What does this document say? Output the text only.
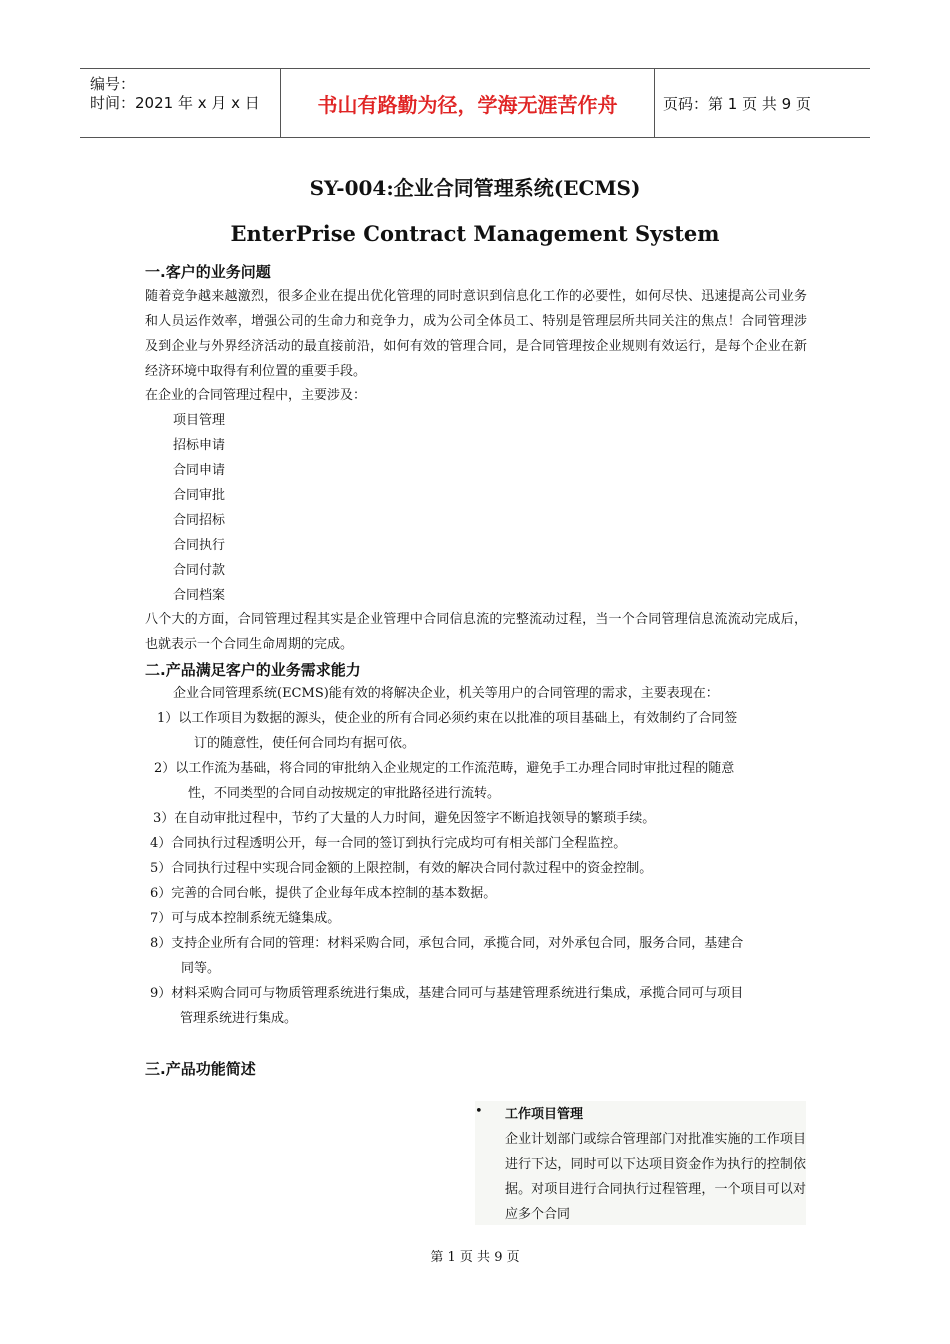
编号：
时间：2021 年 x 月 x 日	书山有路勤为径，学海无涯苦作舟	页码：第 1 页 共 9 页
SY-004:企业合同管理系统(ECMS)
EnterPrise Contract Management System
一.客户的业务问题
随着竞争越来越激烈，很多企业在提出优化管理的同时意识到信息化工作的必要性，如何尽快、迅速提高公司业务和人员运作效率，增强公司的生命力和竞争力，成为公司全体员工、特别是管理层所共同关注的焦点！合同管理涉及到企业与外界经济活动的最直接前沿，如何有效的管理合同，是合同管理按企业规则有效运行，是每个企业在新经济环境中取得有利位置的重要手段。
在企业的合同管理过程中，主要涉及：
项目管理
招标申请
合同申请
合同审批
合同招标
合同执行
合同付款
合同档案
八个大的方面，合同管理过程其实是企业管理中合同信息流的完整流动过程，当一个合同管理信息流流动完成后，也就表示一个合同生命周期的完成。
二.产品满足客户的业务需求能力
企业合同管理系统(ECMS)能有效的将解决企业，机关等用户的合同管理的需求，主要表现在：
1）以工作项目为数据的源头，使企业的所有合同必须约束在以批准的项目基础上，有效制约了合同签
订的随意性，使任何合同均有据可依。
2）以工作流为基础，将合同的审批纳入企业规定的工作流范畴，避免手工办理合同时审批过程的随意
性，不同类型的合同自动按规定的审批路径进行流转。
3）在自动审批过程中，节约了大量的人力时间，避免因签字不断追找领导的繁琐手续。
4）合同执行过程透明公开，每一合同的签订到执行完成均可有相关部门全程监控。
5）合同执行过程中实现合同金额的上限控制，有效的解决合同付款过程中的资金控制。
6）完善的合同台帐，提供了企业每年成本控制的基本数据。
7）可与成本控制系统无缝集成。
8）支持企业所有合同的管理：材料采购合同，承包合同，承揽合同，对外承包合同，服务合同，基建合
同等。
9）材料采购合同可与物质管理系统进行集成，基建合同可与基建管理系统进行集成，承揽合同可与项目
管理系统进行集成。
三.产品功能简述
• 工作项目管理
企业计划部门或综合管理部门对批准实施的工作项目进行下达，同时可以下达项目资金作为执行的控制依据。对项目进行合同执行过程管理，一个项目可以对应多个合同
第 1 页 共 9 页
